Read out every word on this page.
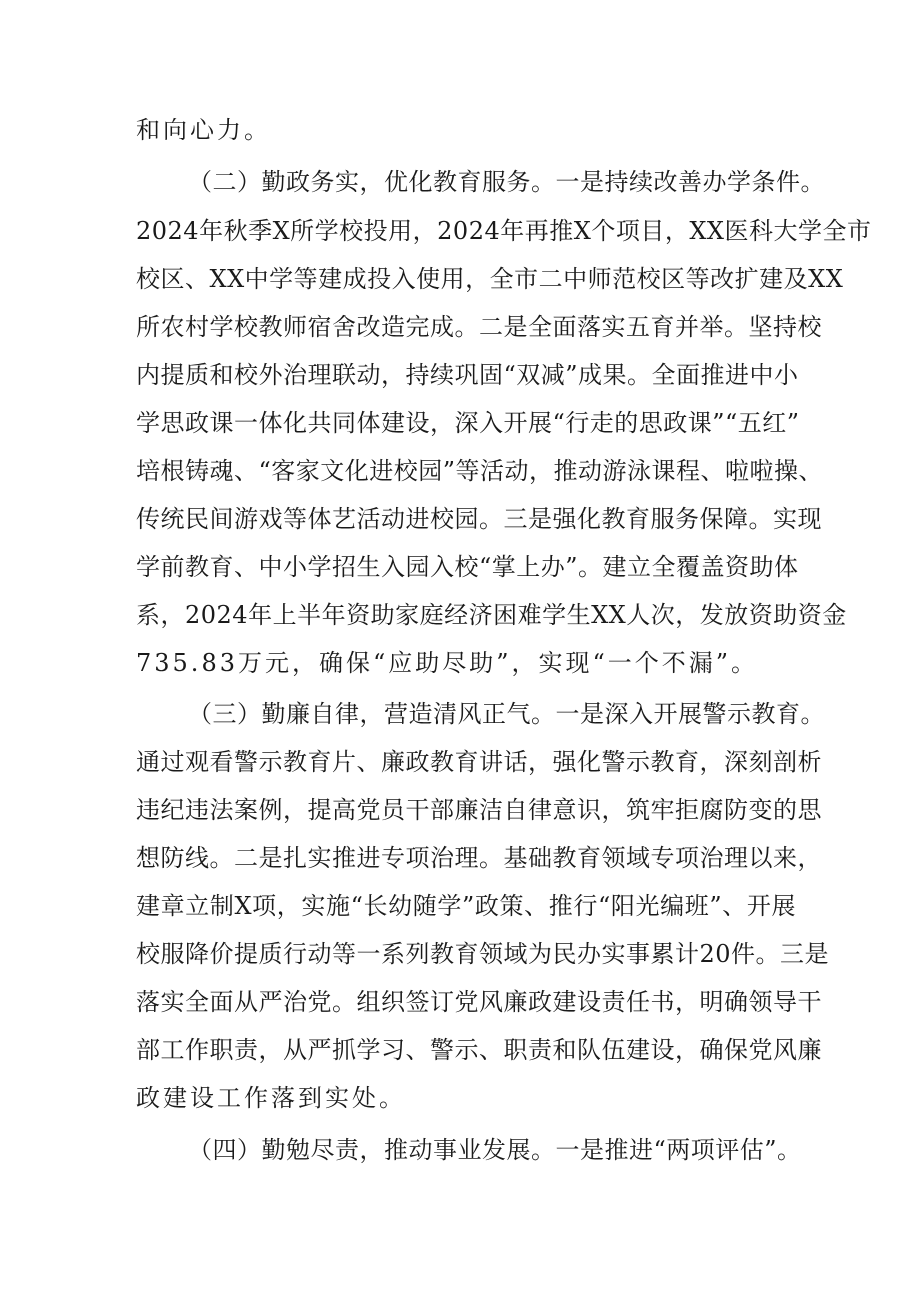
和向心力。

（二）勤政务实，优化教育服务。一是持续改善办学条件。

2024年秋季X所学校投用，2024年再推X个项目，XX医科大学全市

校区、XX中学等建成投入使用，全市二中师范校区等改扩建及XX

所农村学校教师宿舍改造完成。二是全面落实五育并举。坚持校

内提质和校外治理联动，持续巩固“双减”成果。全面推进中小

学思政课一体化共同体建设，深入开展“行走的思政课”“五红”

培根铸魂、“客家文化进校园”等活动，推动游泳课程、啦啦操、

传统民间游戏等体艺活动进校园。三是强化教育服务保障。实现

学前教育、中小学招生入园入校“掌上办”。建立全覆盖资助体

系，2024年上半年资助家庭经济困难学生XX人次，发放资助资金

735.83万元，确保“应助尽助”，实现“一个不漏”。

（三）勤廉自律，营造清风正气。一是深入开展警示教育。

通过观看警示教育片、廉政教育讲话，强化警示教育，深刻剖析

违纪违法案例，提高党员干部廉洁自律意识，筑牢拒腐防变的思

想防线。二是扎实推进专项治理。基础教育领域专项治理以来，

建章立制X项，实施“长幼随学”政策、推行“阳光编班”、开展

校服降价提质行动等一系列教育领域为民办实事累计20件。三是

落实全面从严治党。组织签订党风廉政建设责任书，明确领导干

部工作职责，从严抓学习、警示、职责和队伍建设，确保党风廉

政建设工作落到实处。

（四）勤勉尽责，推动事业发展。一是推进“两项评估”。
